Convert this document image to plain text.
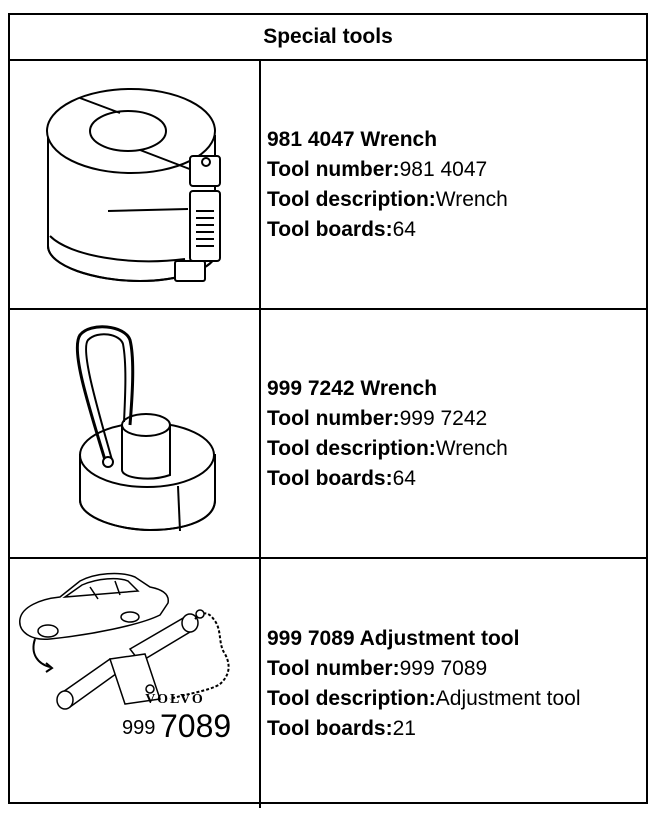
Special tools
981 4047 Wrench
Tool number:981 4047
Tool description:Wrench
Tool boards:64
999 7242 Wrench
Tool number:999 7242
Tool description:Wrench
Tool boards:64
VOLVO
999 7089
999 7089 Adjustment tool
Tool number:999 7089
Tool description:Adjustment tool
Tool boards:21
